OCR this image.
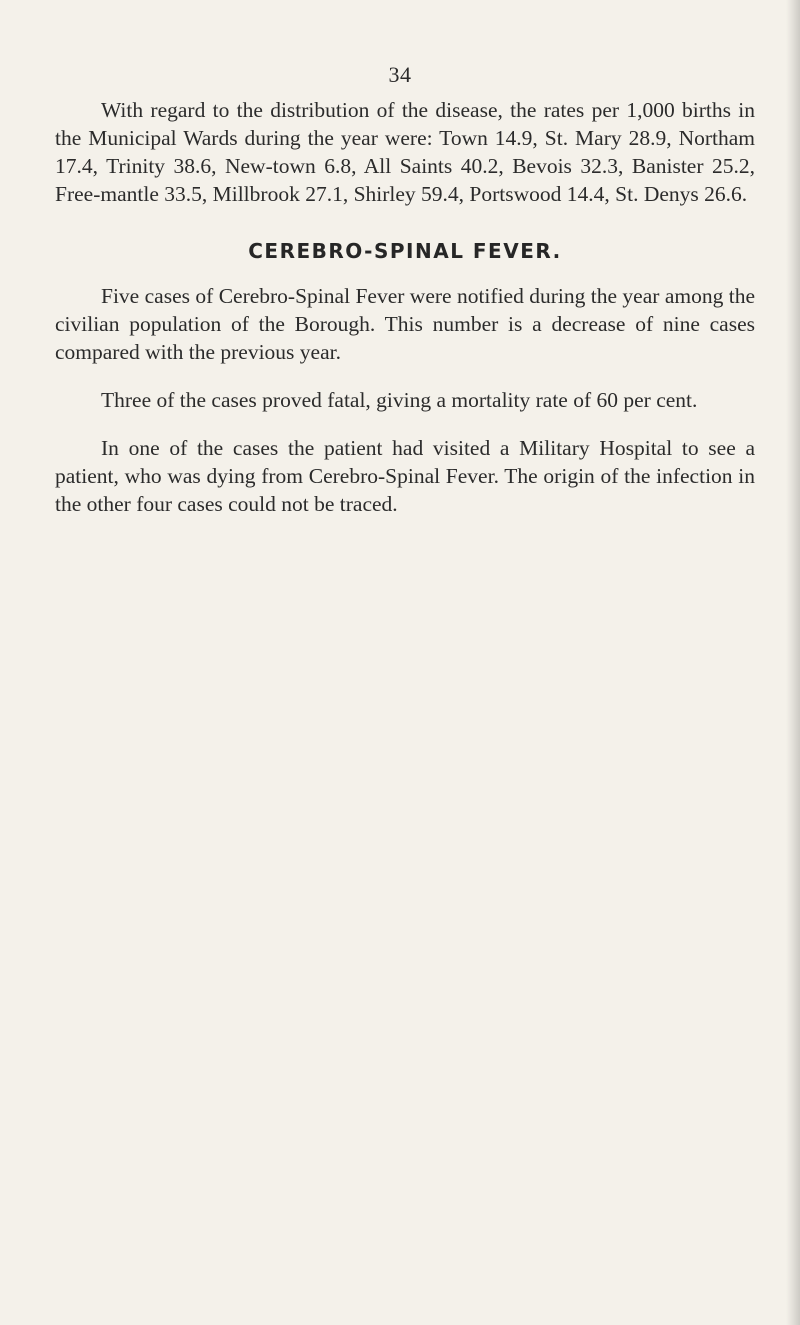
34

With regard to the distribution of the disease, the rates per 1,000 births in the Municipal Wards during the year were: Town 14.9, St. Mary 28.9, Northam 17.4, Trinity 38.6, New-town 6.8, All Saints 40.2, Bevois 32.3, Banister 25.2, Free-mantle 33.5, Millbrook 27.1, Shirley 59.4, Portswood 14.4, St. Denys 26.6.

CEREBRO-SPINAL FEVER.

Five cases of Cerebro-Spinal Fever were notified during the year among the civilian population of the Borough. This number is a decrease of nine cases compared with the previous year.

Three of the cases proved fatal, giving a mortality rate of 60 per cent.

In one of the cases the patient had visited a Military Hospital to see a patient, who was dying from Cerebro-Spinal Fever. The origin of the infection in the other four cases could not be traced.
